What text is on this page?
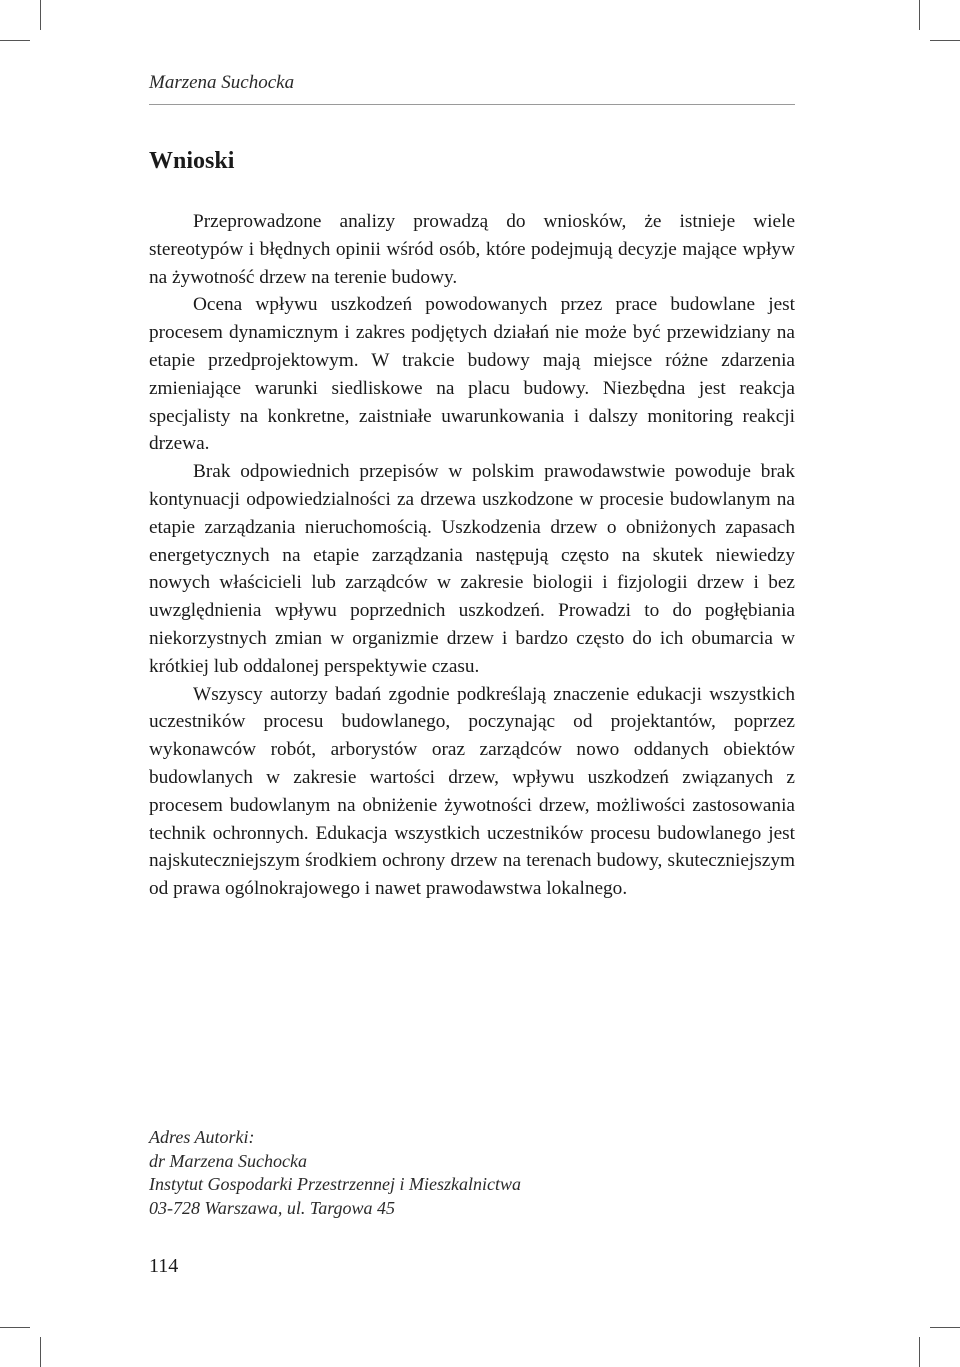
Marzena Suchocka
Wnioski

Przeprowadzone analizy prowadzą do wniosków, że istnieje wiele stereotypów i błędnych opinii wśród osób, które podejmują decyzje mające wpływ na żywotność drzew na terenie budowy.

Ocena wpływu uszkodzeń powodowanych przez prace budowlane jest procesem dynamicznym i zakres podjętych działań nie może być przewidziany na etapie przedprojektowym. W trakcie budowy mają miejsce różne zdarzenia zmieniające warunki siedliskowe na placu budowy. Niezbędna jest reakcja specjalisty na konkretne, zaistniałe uwarunkowania i dalszy monitoring reakcji drzewa.

Brak odpowiednich przepisów w polskim prawodawstwie powoduje brak kontynuacji odpowiedzialności za drzewa uszkodzone w procesie budowlanym na etapie zarządzania nieruchomością. Uszkodzenia drzew o obniżonych zapasach energetycznych na etapie zarządzania następują często na skutek niewiedzy nowych właścicieli lub zarządców w zakresie biologii i fizjologii drzew i bez uwzględnienia wpływu poprzednich uszkodzeń. Prowadzi to do pogłębiania niekorzystnych zmian w organizmie drzew i bardzo często do ich obumarcia w krótkiej lub oddalonej perspektywie czasu.

Wszyscy autorzy badań zgodnie podkreślają znaczenie edukacji wszystkich uczestników procesu budowlanego, poczynając od projektantów, poprzez wykonawców robót, arborystów oraz zarządców nowo oddanych obiektów budowlanych w zakresie wartości drzew, wpływu uszkodzeń związanych z procesem budowlanym na obniżenie żywotności drzew, możliwości zastosowania technik ochronnych. Edukacja wszystkich uczestników procesu budowlanego jest najskuteczniejszym środkiem ochrony drzew na terenach budowy, skuteczniejszym od prawa ogólnokrajowego i nawet prawodawstwa lokalnego.

Adres Autorki:
dr Marzena Suchocka
Instytut Gospodarki Przestrzennej i Mieszkalnictwa
03-728 Warszawa, ul. Targowa 45
114
